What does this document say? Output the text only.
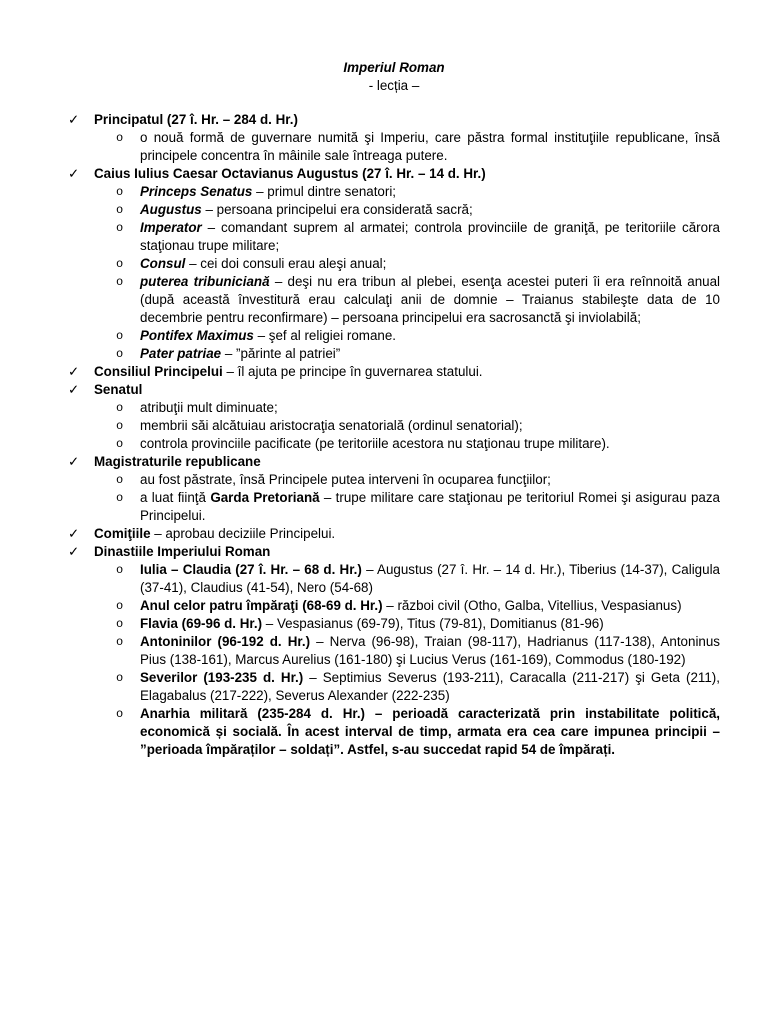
Imperiul Roman

- lecția –

✓	Principatul (27 î. Hr. – 284 d. Hr.)

o o nouă formă de guvernare numită şi Imperiu, care păstra formal instituţiile republicane, însă principele concentra în mâinile sale întreaga putere.

✓	Caius Iulius Caesar Octavianus Augustus (27 î. Hr. – 14 d. Hr.)

o Princeps Senatus – primul dintre senatori;

o Augustus – persoana principelui era considerată sacră;

o Imperator – comandant suprem al armatei; controla provinciile de graniţă, pe teritoriile cărora staţionau trupe militare;

o Consul – cei doi consuli erau aleşi anual;

o puterea tribuniciană – deşi nu era tribun al plebei, esenţa acestei puteri îi era reînnoită anual (după această învestitură erau calculaţi anii de domnie – Traianus stabileşte data de 10 decembrie pentru reconfirmare) – persoana principelui era sacrosanctă şi inviolabilă;

o Pontifex Maximus – şef al religiei romane.

o Pater patriae – ”părinte al patriei”

✓	Consiliul Principelui – îl ajuta pe principe în guvernarea statului.

✓	Senatul

o atribuţii mult diminuate;

o membrii săi alcătuiau aristocraţia senatorială (ordinul senatorial);

o controla provinciile pacificate (pe teritoriile acestora nu staţionau trupe militare).

✓	Magistraturile republicane

o au fost păstrate, însă Principele putea interveni în ocuparea funcţiilor;

o a luat fiinţă Garda Pretoriană – trupe militare care staţionau pe teritoriul Romei şi asigurau paza Principelui.

✓	Comiţiile – aprobau deciziile Principelui.

✓	Dinastiile Imperiului Roman

o Iulia – Claudia (27 î. Hr. – 68 d. Hr.) – Augustus (27 î. Hr. – 14 d. Hr.), Tiberius (14-37), Caligula (37-41), Claudius (41-54), Nero (54-68)

o Anul celor patru împăraţi (68-69 d. Hr.) – război civil (Otho, Galba, Vitellius, Vespasianus)

o Flavia (69-96 d. Hr.) – Vespasianus (69-79), Titus (79-81), Domitianus (81-96)

o Antoninilor (96-192 d. Hr.) – Nerva (96-98), Traian (98-117), Hadrianus (117-138), Antoninus Pius (138-161), Marcus Aurelius (161-180) şi Lucius Verus (161-169), Commodus (180-192)

o Severilor (193-235 d. Hr.) – Septimius Severus (193-211), Caracalla (211-217) şi Geta (211), Elagabalus (217-222), Severus Alexander (222-235)

o Anarhia militară (235-284 d. Hr.) – perioadă caracterizată prin instabilitate politică, economică și socială. În acest interval de timp, armata era cea care impunea principii – ”perioada împăraților – soldați”. Astfel, s-au succedat rapid 54 de împărați.
